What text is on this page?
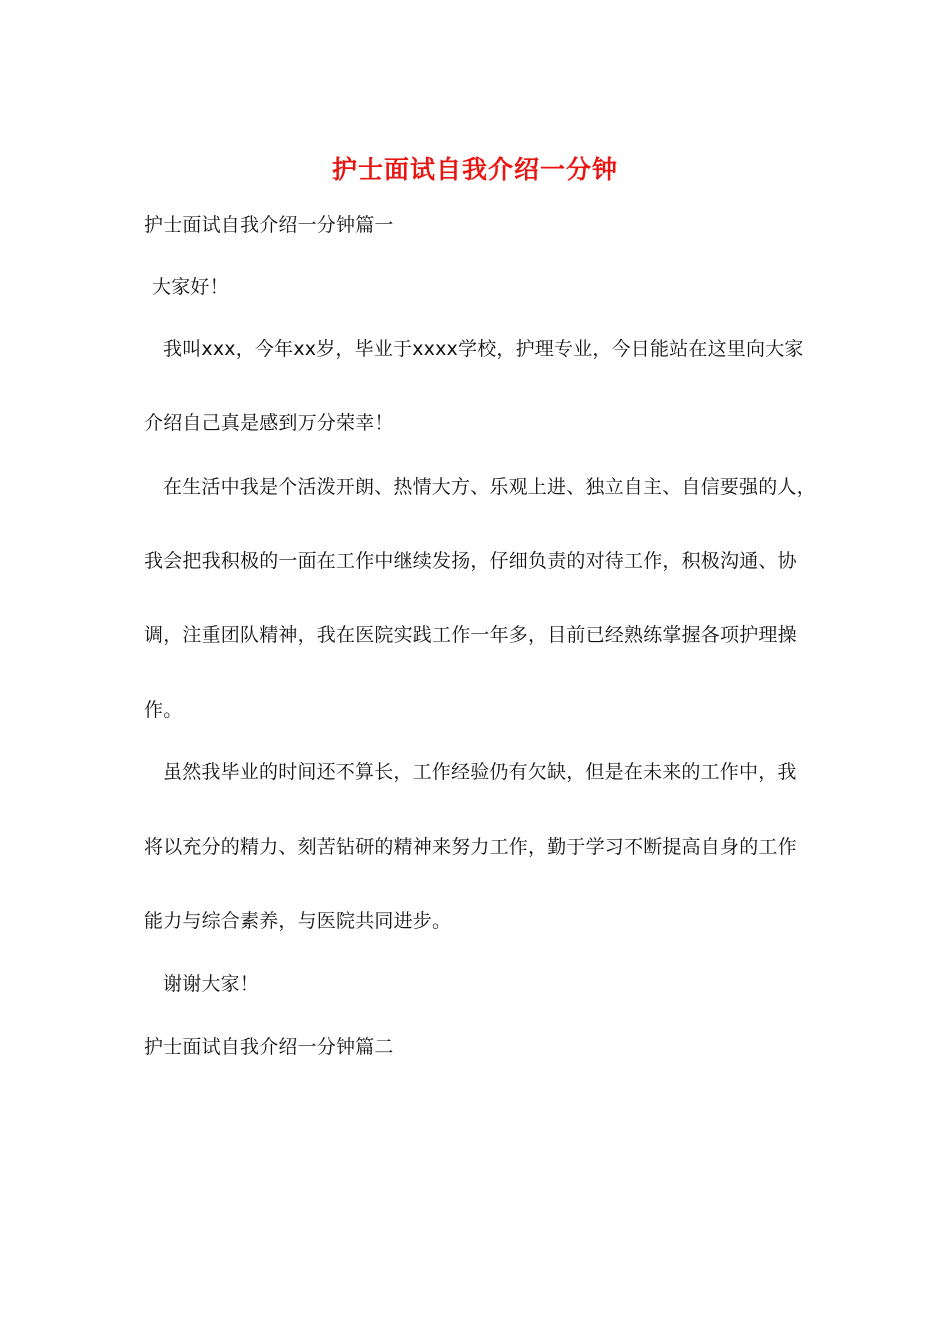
护士面试自我介绍一分钟
护士面试自我介绍一分钟篇一
大家好！
我叫xxx，今年xx岁，毕业于xxxx学校，护理专业，今日能站在这里向大家
介绍自己真是感到万分荣幸！
在生活中我是个活泼开朗、热情大方、乐观上进、独立自主、自信要强的人，
我会把我积极的一面在工作中继续发扬，仔细负责的对待工作，积极沟通、协
调，注重团队精神，我在医院实践工作一年多，目前已经熟练掌握各项护理操
作。
虽然我毕业的时间还不算长，工作经验仍有欠缺，但是在未来的工作中，我
将以充分的精力、刻苦钻研的精神来努力工作，勤于学习不断提高自身的工作
能力与综合素养，与医院共同进步。
谢谢大家！
护士面试自我介绍一分钟篇二
